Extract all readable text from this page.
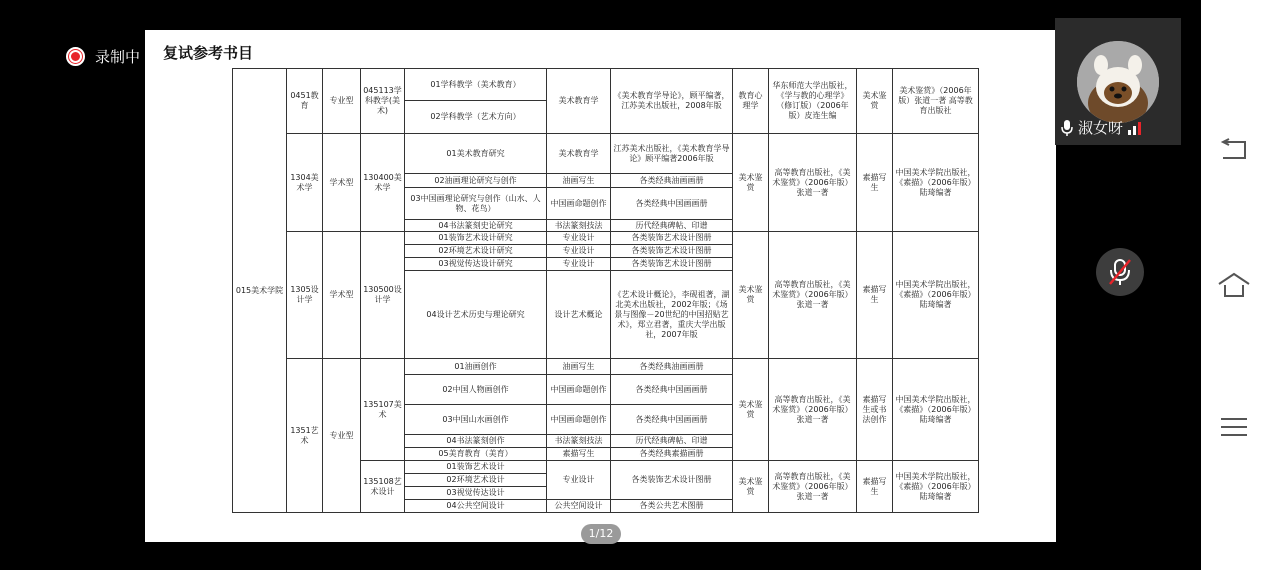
录制中 复试参考书目
015美术学院	0451教育	专业型	045113学科教学(美术)	01学科教学（美术教育）	美术教育学	《美术教育学导论》，顾平编著，江苏美术出版社，2008年版	教育心理学	华东师范大学出版社，《学与教的心理学》（修订版）（2006年版）皮连生编	美术鉴赏	美术鉴赏》（2006年版）张道一著 高等教育出版社
				02学科教学（艺术方向）						
	1304美术学	学术型	130400美术学	01美术教育研究	美术教育学	江苏美术出版社，《美术教育学导论》顾平编著2006年版	美术鉴赏	高等教育出版社，《美术鉴赏》（2006年版）张道一著	素描写生	中国美术学院出版社，《素描》（2006年版）陆琦编著
				02油画理论研究与创作	油画写生	各类经典油画画册				
				03中国画理论研究与创作（山水、人物、花鸟）	中国画命题创作	各类经典中国画画册				
				04书法篆刻史论研究	书法篆刻技法	历代经典碑帖、印谱				
	1305设计学	学术型	130500设计学	01装饰艺术设计研究	专业设计	各类装饰艺术设计图册	美术鉴赏	高等教育出版社，《美术鉴赏》（2006年版）张道一著	素描写生	中国美术学院出版社，《素描》（2006年版）陆琦编著
				02环境艺术设计研究	专业设计	各类装饰艺术设计图册				
				03视觉传达设计研究	专业设计	各类装饰艺术设计图册				
				04设计艺术历史与理论研究	设计艺术概论	《艺术设计概论》，李砚祖著，湖北美术出版社，2002年版；《场景与图像－20世纪的中国招贴艺术》，郑立君著，重庆大学出版社，2007年版				
	1351艺术	专业型	135107美术	01油画创作	油画写生	各类经典油画画册	美术鉴赏	高等教育出版社，《美术鉴赏》（2006年版）张道一著	素描写生或书法创作	中国美术学院出版社，《素描》（2006年版）陆琦编著
				02中国人物画创作	中国画命题创作	各类经典中国画画册				
				03中国山水画创作	中国画命题创作	各类经典中国画画册				
				04书法篆刻创作	书法篆刻技法	历代经典碑帖、印谱				
				05美育教育（美育）	素描写生	各类经典素描画册				
			135108艺术设计	01装饰艺术设计	专业设计	各类装饰艺术设计图册	美术鉴赏	高等教育出版社，《美术鉴赏》（2006年版）张道一著	素描写生	中国美术学院出版社，《素描》（2006年版）陆琦编著
				02环境艺术设计						
				03视觉传达设计						
				04公共空间设计	公共空间设计	各类公共艺术图册				
1/12
淑女呀
